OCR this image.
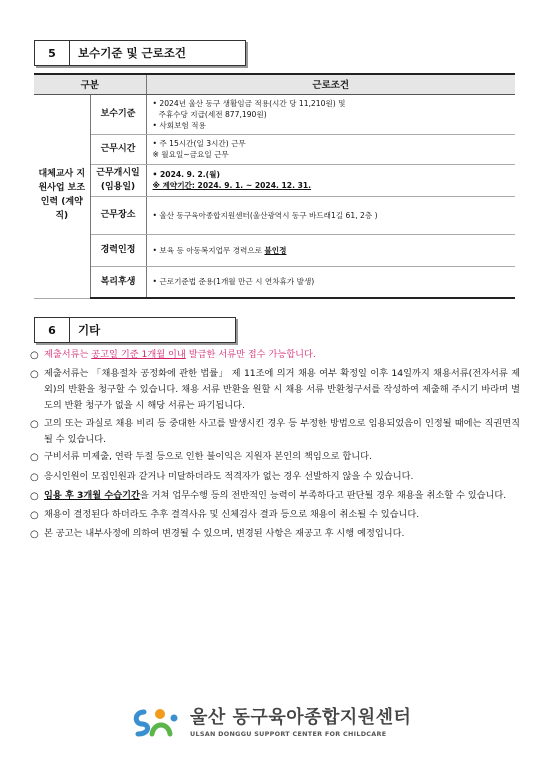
5	보수기준 및 근로조건
구분		근로조건

대체교사 지원사업 보조인력 (계약직)	보수기준	• 2024년 울산 동구 생활임금 적용(시간 당 11,210원) 및
주휴수당 지급(세전 877,190원)
• 사회보험 적용

	근무시간	• 주 15시간(일 3시간) 근무
※ 월요일~금요일 근무

	근무개시일 (임용일)	• 2024. 9. 2.(월)
※ 계약기간: 2024. 9. 1. ~ 2024. 12. 31.

	근무장소	• 울산 동구육아종합지원센터(울산광역시 동구 바드래1길 61, 2층 )

	경력인정	• 보육 등 아동복지업무 경력으로 불인정
	복리후생	• 근로기준법 준용(1개월 만근 시 연차휴가 발생)
6	기타
○ 제출서류는 공고일 기준 1개월 이내 발급한 서류만 접수 가능합니다.
○ 제출서류는 「채용절차 공정화에 관한 법률」 제 11조에 의거 채용 여부 확정일 이후 14일까지 채용서류(전자서류 제외)의 반환을 청구할 수 있습니다. 채용 서류 반환을 원할 시 채용 서류 반환청구서를 작성하여 제출해 주시기 바라며 별도의 반환 청구가 없을 시 해당 서류는 파기됩니다.
○ 고의 또는 과실로 채용 비리 등 중대한 사고를 발생시킨 경우 등 부정한 방법으로 임용되었음이 인정될 때에는 직권면직 될 수 있습니다.
○ 구비서류 미제출, 연락 두절 등으로 인한 불이익은 지원자 본인의 책임으로 합니다.
○ 응시인원이 모집인원과 같거나 미달하더라도 적격자가 없는 경우 선발하지 않을 수 있습니다.
○ 임용 후 3개월 수습기간을 거쳐 업무수행 등의 전반적인 능력이 부족하다고 판단될 경우 채용을 취소할 수 있습니다.
○ 채용이 결정된다 하더라도 추후 결격사유 및 신체검사 결과 등으로 채용이 취소될 수 있습니다.
○ 본 공고는 내부사정에 의하여 변경될 수 있으며, 변경된 사항은 재공고 후 시행 예정입니다.
울산 동구육아종합지원센터
ULSAN DONGGU SUPPORT CENTER FOR CHILDCARE
